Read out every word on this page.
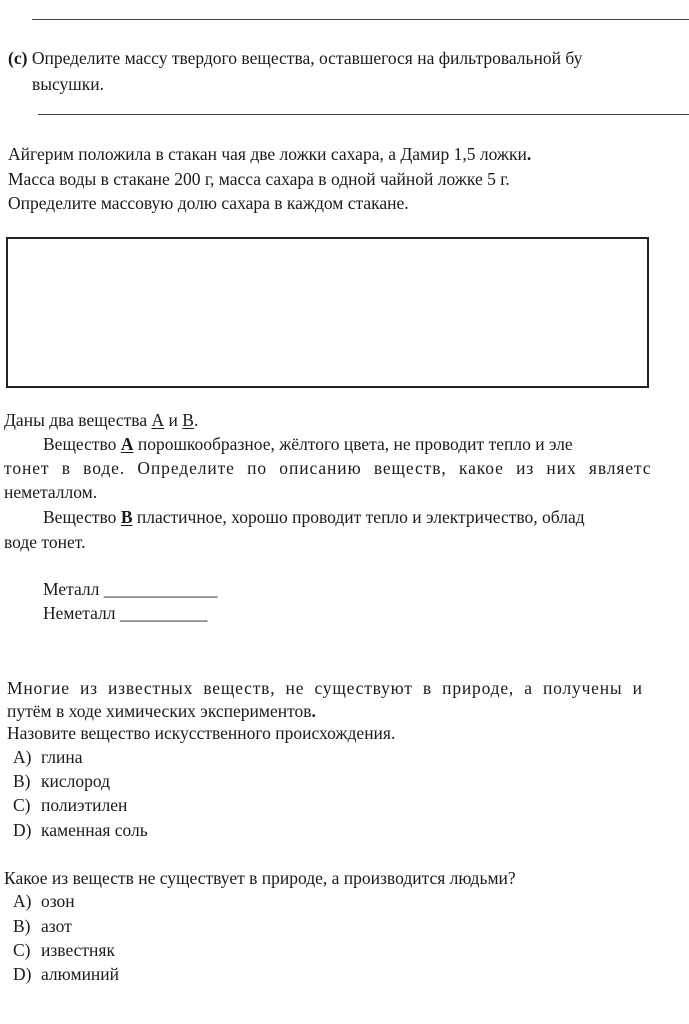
(с) Определите массу твердого вещества, оставшегося на фильтровальной бу
высушки.
Айгерим положила в стакан чая две ложки сахара, а Дамир 1,5 ложки.
Масса воды в стакане 200 г, масса сахара в одной чайной ложке 5 г.
Определите массовую долю сахара в каждом стакане.
Даны два вещества А и В.
Вещество А порошкообразное, жёлтого цвета, не проводит тепло и эле
тонет в воде. Определите по описанию веществ, какое из них являетс
неметаллом.
Вещество В пластичное, хорошо проводит тепло и электричество, облад
воде тонет.
Металл _____________
Неметалл __________
Многие из известных веществ, не существуют в природе, а получены и
путём в ходе химических экспериментов.
Назовите вещество искусственного происхождения.
А) глина
В) кислород
С) полиэтилен
D) каменная соль
Какое из веществ не существует в природе, а производится людьми?
А) озон
В) азот
С) известняк
D) алюминий
